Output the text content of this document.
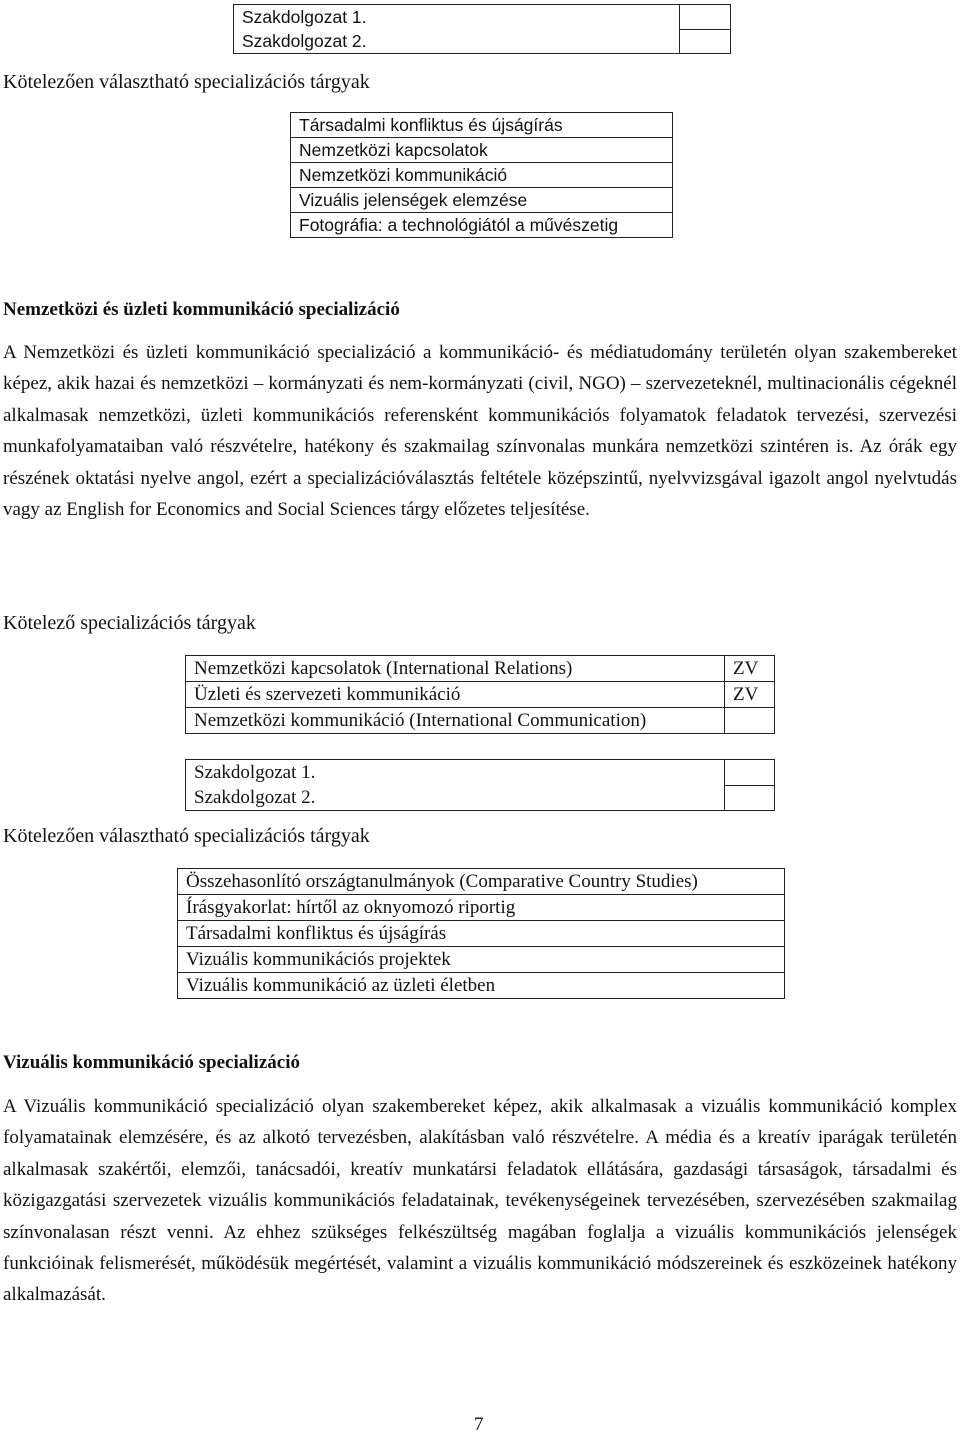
Szakdolgozat 1.	
Szakdolgozat 2.	
Kötelezően választható specializációs tárgyak
Társadalmi konfliktus és újságírás
Nemzetközi kapcsolatok
Nemzetközi kommunikáció
Vizuális jelenségek elemzése
Fotográfia: a technológiától a művészetig
Nemzetközi és üzleti kommunikáció specializáció
A Nemzetközi és üzleti kommunikáció specializáció a kommunikáció- és médiatudomány területén olyan szakembereket képez, akik hazai és nemzetközi – kormányzati és nem-kormányzati (civil, NGO) – szervezeteknél, multinacionális cégeknél alkalmasak nemzetközi, üzleti kommunikációs referensként kommunikációs folyamatok feladatok tervezési, szervezési munkafolyamataiban való részvételre, hatékony és szakmailag színvonalas munkára nemzetközi szintéren is. Az órák egy részének oktatási nyelve angol, ezért a specializációválasztás feltétele középszintű, nyelvvizsgával igazolt angol nyelvtudás vagy az English for Economics and Social Sciences tárgy előzetes teljesítése.
Kötelező specializációs tárgyak
Nemzetközi kapcsolatok (International Relations)	ZV
Üzleti és szervezeti kommunikáció	ZV
Nemzetközi kommunikáció (International Communication)	
Szakdolgozat 1.	
Szakdolgozat 2.	
Kötelezően választható specializációs tárgyak
Összehasonlító országtanulmányok (Comparative Country Studies)
Írásgyakorlat: hírtől az oknyomozó riportig
Társadalmi konfliktus és újságírás
Vizuális kommunikációs projektek
Vizuális kommunikáció az üzleti életben
Vizuális kommunikáció specializáció
A Vizuális kommunikáció specializáció olyan szakembereket képez, akik alkalmasak a vizuális kommunikáció komplex folyamatainak elemzésére, és az alkotó tervezésben, alakításban való részvételre. A média és a kreatív iparágak területén alkalmasak szakértői, elemzői, tanácsadói, kreatív munkatársi feladatok ellátására, gazdasági társaságok, társadalmi és közigazgatási szervezetek vizuális kommunikációs feladatainak, tevékenységeinek tervezésében, szervezésében szakmailag színvonalasan részt venni. Az ehhez szükséges felkészültség magában foglalja a vizuális kommunikációs jelenségek funkcióinak felismerését, működésük megértését, valamint a vizuális kommunikáció módszereinek és eszközeinek hatékony alkalmazását.
7
